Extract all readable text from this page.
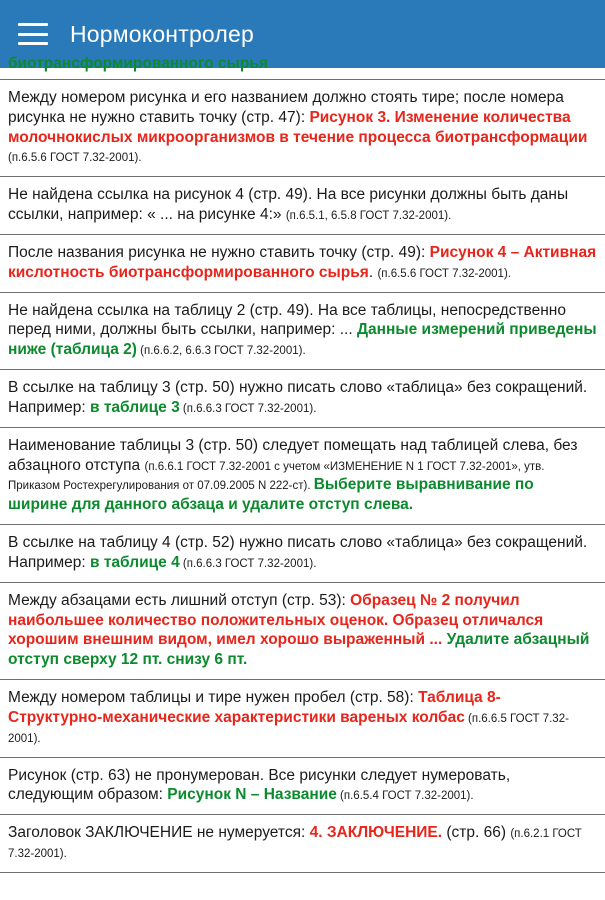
Нормоконтролер
биотрансформированного сырья
Между номером рисунка и его названием должно стоять тире; после номера рисунка не нужно ставить точку (стр. 47): Рисунок 3. Изменение количества молочнокислых микроорганизмов в течение процесса биотрансформации (п.6.5.6 ГОСТ 7.32-2001).
Не найдена ссылка на рисунок 4 (стр. 49). На все рисунки должны быть даны ссылки, например: « ... на рисунке 4:» (п.6.5.1, 6.5.8 ГОСТ 7.32-2001).
После названия рисунка не нужно ставить точку (стр. 49): Рисунок 4 – Активная кислотность биотрансформированного сырья. (п.6.5.6 ГОСТ 7.32-2001).
Не найдена ссылка на таблицу 2 (стр. 49). На все таблицы, непосредственно перед ними, должны быть ссылки, например: ... Данные измерений приведены ниже (таблица 2) (п.6.6.2, 6.6.3 ГОСТ 7.32-2001).
В ссылке на таблицу 3 (стр. 50) нужно писать слово «таблица» без сокращений. Например: в таблице 3 (п.6.6.3 ГОСТ 7.32-2001).
Наименование таблицы 3 (стр. 50) следует помещать над таблицей слева, без абзацного отступа (п.6.6.1 ГОСТ 7.32-2001 с учетом «ИЗМЕНЕНИЕ N 1 ГОСТ 7.32-2001», утв. Приказом Ростехрегулирования от 07.09.2005 N 222-ст). Выберите выравнивание по ширине для данного абзаца и удалите отступ слева.
В ссылке на таблицу 4 (стр. 52) нужно писать слово «таблица» без сокращений. Например: в таблице 4 (п.6.6.3 ГОСТ 7.32-2001).
Между абзацами есть лишний отступ (стр. 53): Образец № 2 получил наибольшее количество положительных оценок. Образец отличался хорошим внешним видом, имел хорошо выраженный ... Удалите абзацный отступ сверху 12 пт. снизу 6 пт.
Между номером таблицы и тире нужен пробел (стр. 58): Таблица 8- Структурно-механические характеристики вареных колбас (п.6.6.5 ГОСТ 7.32-2001).
Рисунок (стр. 63) не пронумерован. Все рисунки следует нумеровать, следующим образом: Рисунок N – Название (п.6.5.4 ГОСТ 7.32-2001).
Заголовок ЗАКЛЮЧЕНИЕ не нумеруется: 4. ЗАКЛЮЧЕНИЕ. (стр. 66) (п.6.2.1 ГОСТ 7.32-2001).
